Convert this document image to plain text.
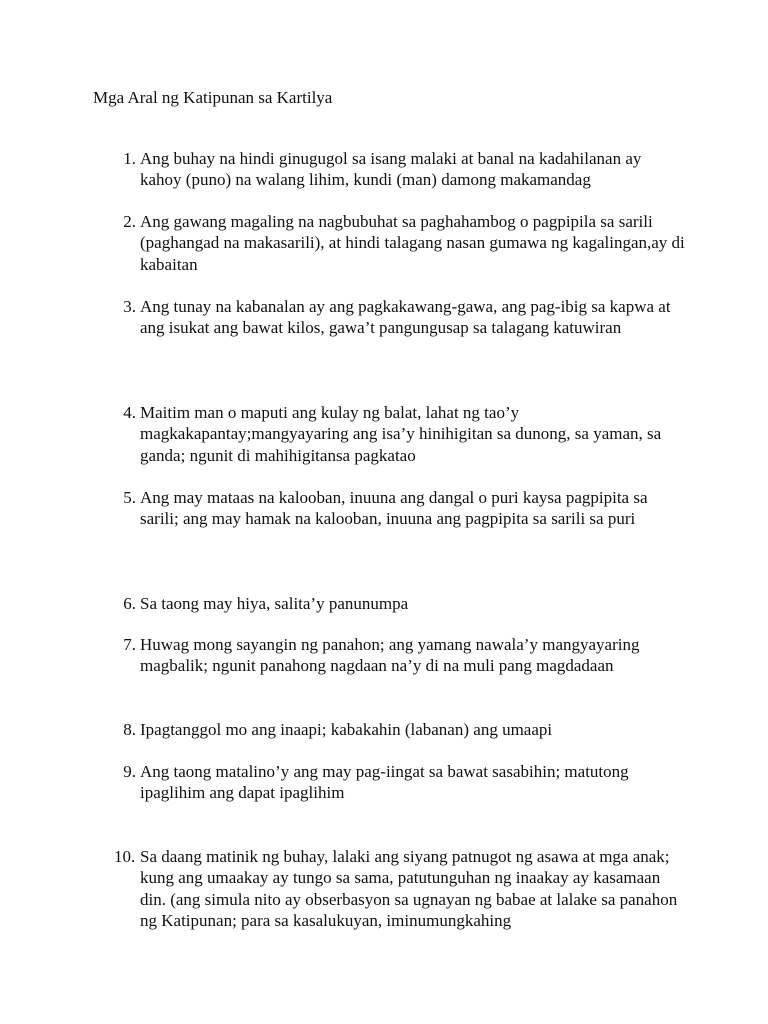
Mga Aral ng Katipunan sa Kartilya
1. Ang buhay na hindi ginugugol sa isang malaki at banal na kadahilanan ay kahoy (puno) na walang lihim, kundi (man) damong makamandag

2. Ang gawang magaling na nagbubuhat sa paghahambog o pagpipila sa sarili (paghangad na makasarili), at hindi talagang nasan gumawa ng kagalingan,ay di kabaitan

3. Ang tunay na kabanalan ay ang pagkakawang-gawa, ang pag-ibig sa kapwa at ang isukat ang bawat kilos, gawa’t pangungusap sa talagang katuwiran

4. Maitim man o maputi ang kulay ng balat, lahat ng tao’y magkakapantay;mangyayaring ang isa’y hinihigitan sa dunong, sa yaman, sa ganda; ngunit di mahihigitansa pagkatao

5. Ang may mataas na kalooban, inuuna ang dangal o puri kaysa pagpipita sa sarili; ang may hamak na kalooban, inuuna ang pagpipita sa sarili sa puri

6. Sa taong may hiya, salita’y panunumpa

7. Huwag mong sayangin ng panahon; ang yamang nawala’y mangyayaring magbalik; ngunit panahong nagdaan na’y di na muli pang magdadaan

8. Ipagtanggol mo ang inaapi; kabakahin (labanan) ang umaapi

9. Ang taong matalino’y ang may pag-iingat sa bawat sasabihin; matutong ipaglihim ang dapat ipaglihim

10. Sa daang matinik ng buhay, lalaki ang siyang patnugot ng asawa at mga anak; kung ang umaakay ay tungo sa sama, patutunguhan ng inaakay ay kasamaan din. (ang simula nito ay obserbasyon sa ugnayan ng babae at lalake sa panahon ng Katipunan; para sa kasalukuyan, iminumungkahing
